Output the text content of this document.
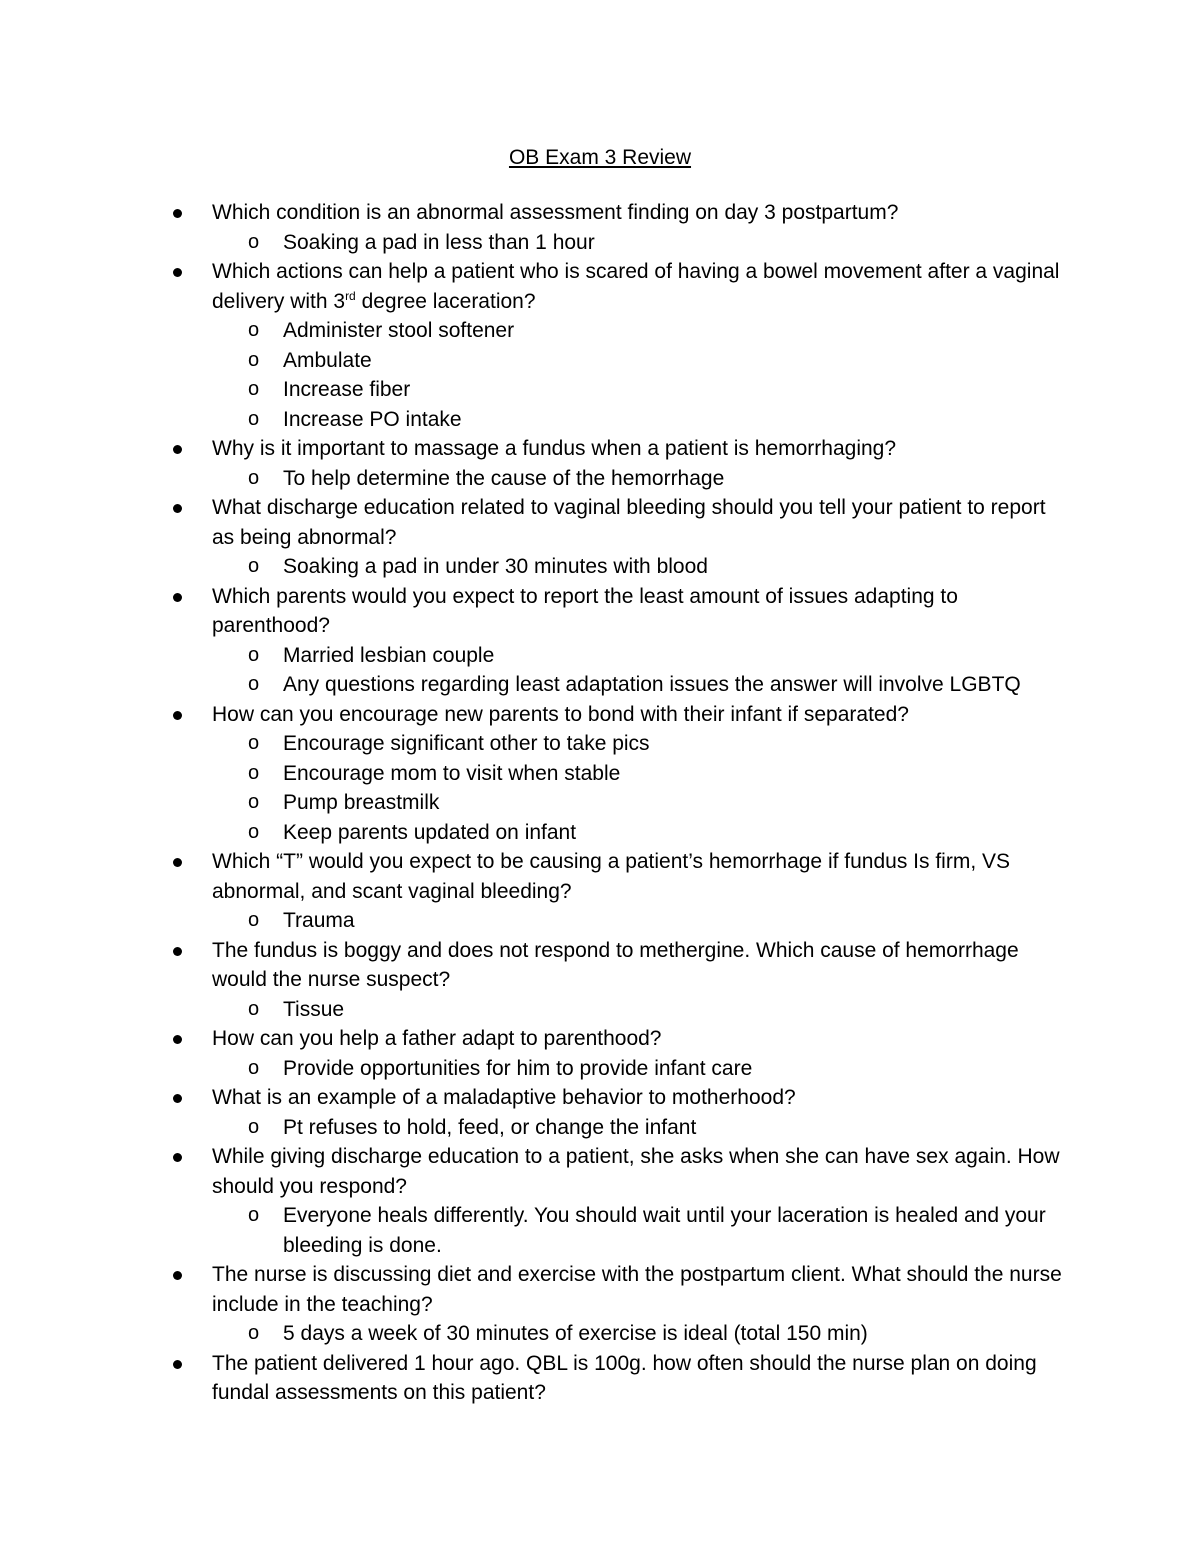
OB Exam 3 Review
Which condition is an abnormal assessment finding on day 3 postpartum?
o Soaking a pad in less than 1 hour
Which actions can help a patient who is scared of having a bowel movement after a vaginal delivery with 3rd degree laceration?
o Administer stool softener
o Ambulate
o Increase fiber
o Increase PO intake
Why is it important to massage a fundus when a patient is hemorrhaging?
o To help determine the cause of the hemorrhage
What discharge education related to vaginal bleeding should you tell your patient to report as being abnormal?
o Soaking a pad in under 30 minutes with blood
Which parents would you expect to report the least amount of issues adapting to parenthood?
o Married lesbian couple
o Any questions regarding least adaptation issues the answer will involve LGBTQ
How can you encourage new parents to bond with their infant if separated?
o Encourage significant other to take pics
o Encourage mom to visit when stable
o Pump breastmilk
o Keep parents updated on infant
Which “T” would you expect to be causing a patient’s hemorrhage if fundus Is firm, VS abnormal, and scant vaginal bleeding?
o Trauma
The fundus is boggy and does not respond to methergine. Which cause of hemorrhage would the nurse suspect?
o Tissue
How can you help a father adapt to parenthood?
o Provide opportunities for him to provide infant care
What is an example of a maladaptive behavior to motherhood?
o Pt refuses to hold, feed, or change the infant
While giving discharge education to a patient, she asks when she can have sex again. How should you respond?
o Everyone heals differently. You should wait until your laceration is healed and your bleeding is done.
The nurse is discussing diet and exercise with the postpartum client. What should the nurse include in the teaching?
o 5 days a week of 30 minutes of exercise is ideal (total 150 min)
The patient delivered 1 hour ago. QBL is 100g. how often should the nurse plan on doing fundal assessments on this patient?
